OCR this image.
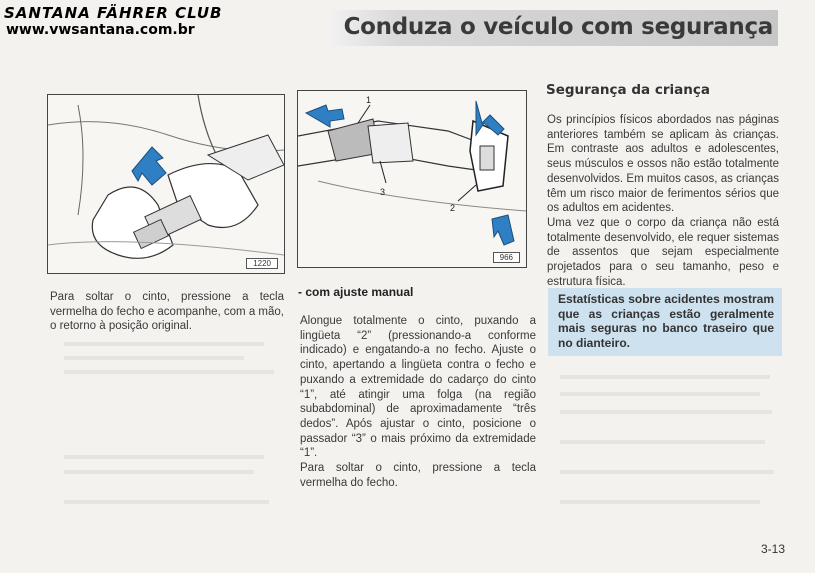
SANTANA FÄHRER CLUB
www.vwsantana.com.br	Conduza o veículo com segurança
1220
1
2
3
966
Para soltar o cinto, pressione a tecla vermelha do fecho e acompanhe, com a mão, o retorno à posição original.
- com ajuste manual

Alongue totalmente o cinto, puxando a lingüeta “2” (pressionando-a conforme indicado) e engatando-a no fecho. Ajuste o cinto, apertando a lingüeta contra o fecho e puxando a extremidade do cadarço do cinto “1”, até atingir uma folga (na região subabdominal) de aproximadamente “três dedos”. Após ajustar o cinto, posicione o passador “3” o mais próximo da extremidade “1”.

Para soltar o cinto, pressione a tecla vermelha do fecho.

Segurança da criança

Os princípios físicos abordados nas páginas anteriores também se aplicam às crianças. Em contraste aos adultos e adolescentes, seus músculos e ossos não estão totalmente desenvolvidos. Em muitos casos, as crianças têm um risco maior de ferimentos sérios que os adultos em acidentes.

Uma vez que o corpo da criança não está totalmente desenvolvido, ele requer sistemas de assentos que sejam especialmente projetados para o seu tamanho, peso e estrutura física.

Estatísticas sobre acidentes mostram que as crianças estão geralmente mais seguras no banco traseiro que no dianteiro.
3-13
